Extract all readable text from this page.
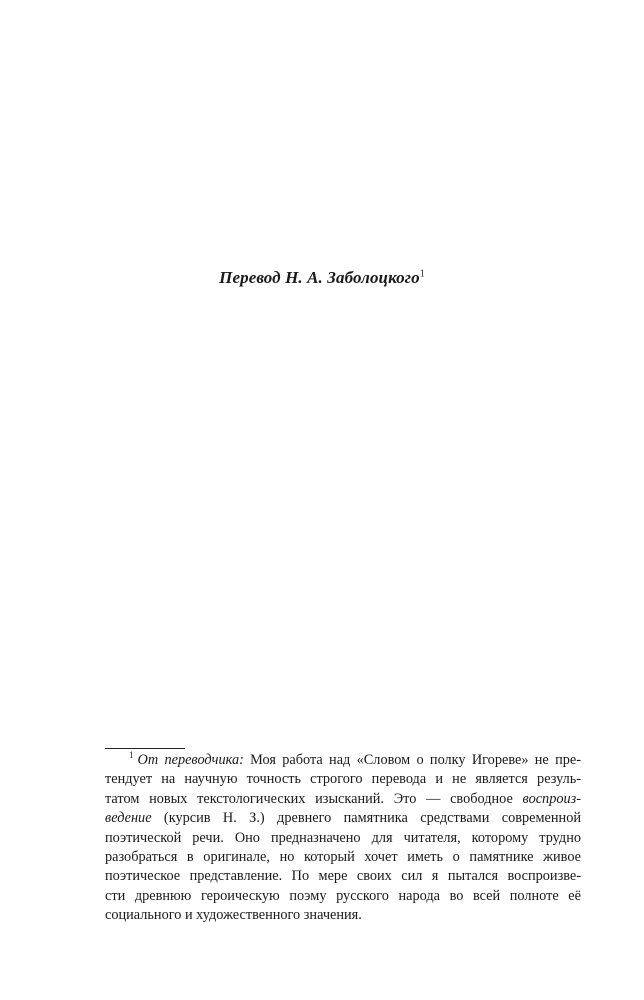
Перевод Н. А. Заболоцкого$^1$
$^1$ От переводчика: Моя работа над «Словом о полку Игореве» не пре-
тендует на научную точность строгого перевода и не является резуль-
татом новых текстологических изысканий. Это — свободное воспроиз-
ведение (курсив Н. З.) древнего памятника средствами современной
поэтической речи. Оно предназначено для читателя, которому трудно
разобраться в оригинале, но который хочет иметь о памятнике живое
поэтическое представление. По мере своих сил я пытался воспроизве-
сти древнюю героическую поэму русского народа во всей полноте её
социального и художественного значения.
